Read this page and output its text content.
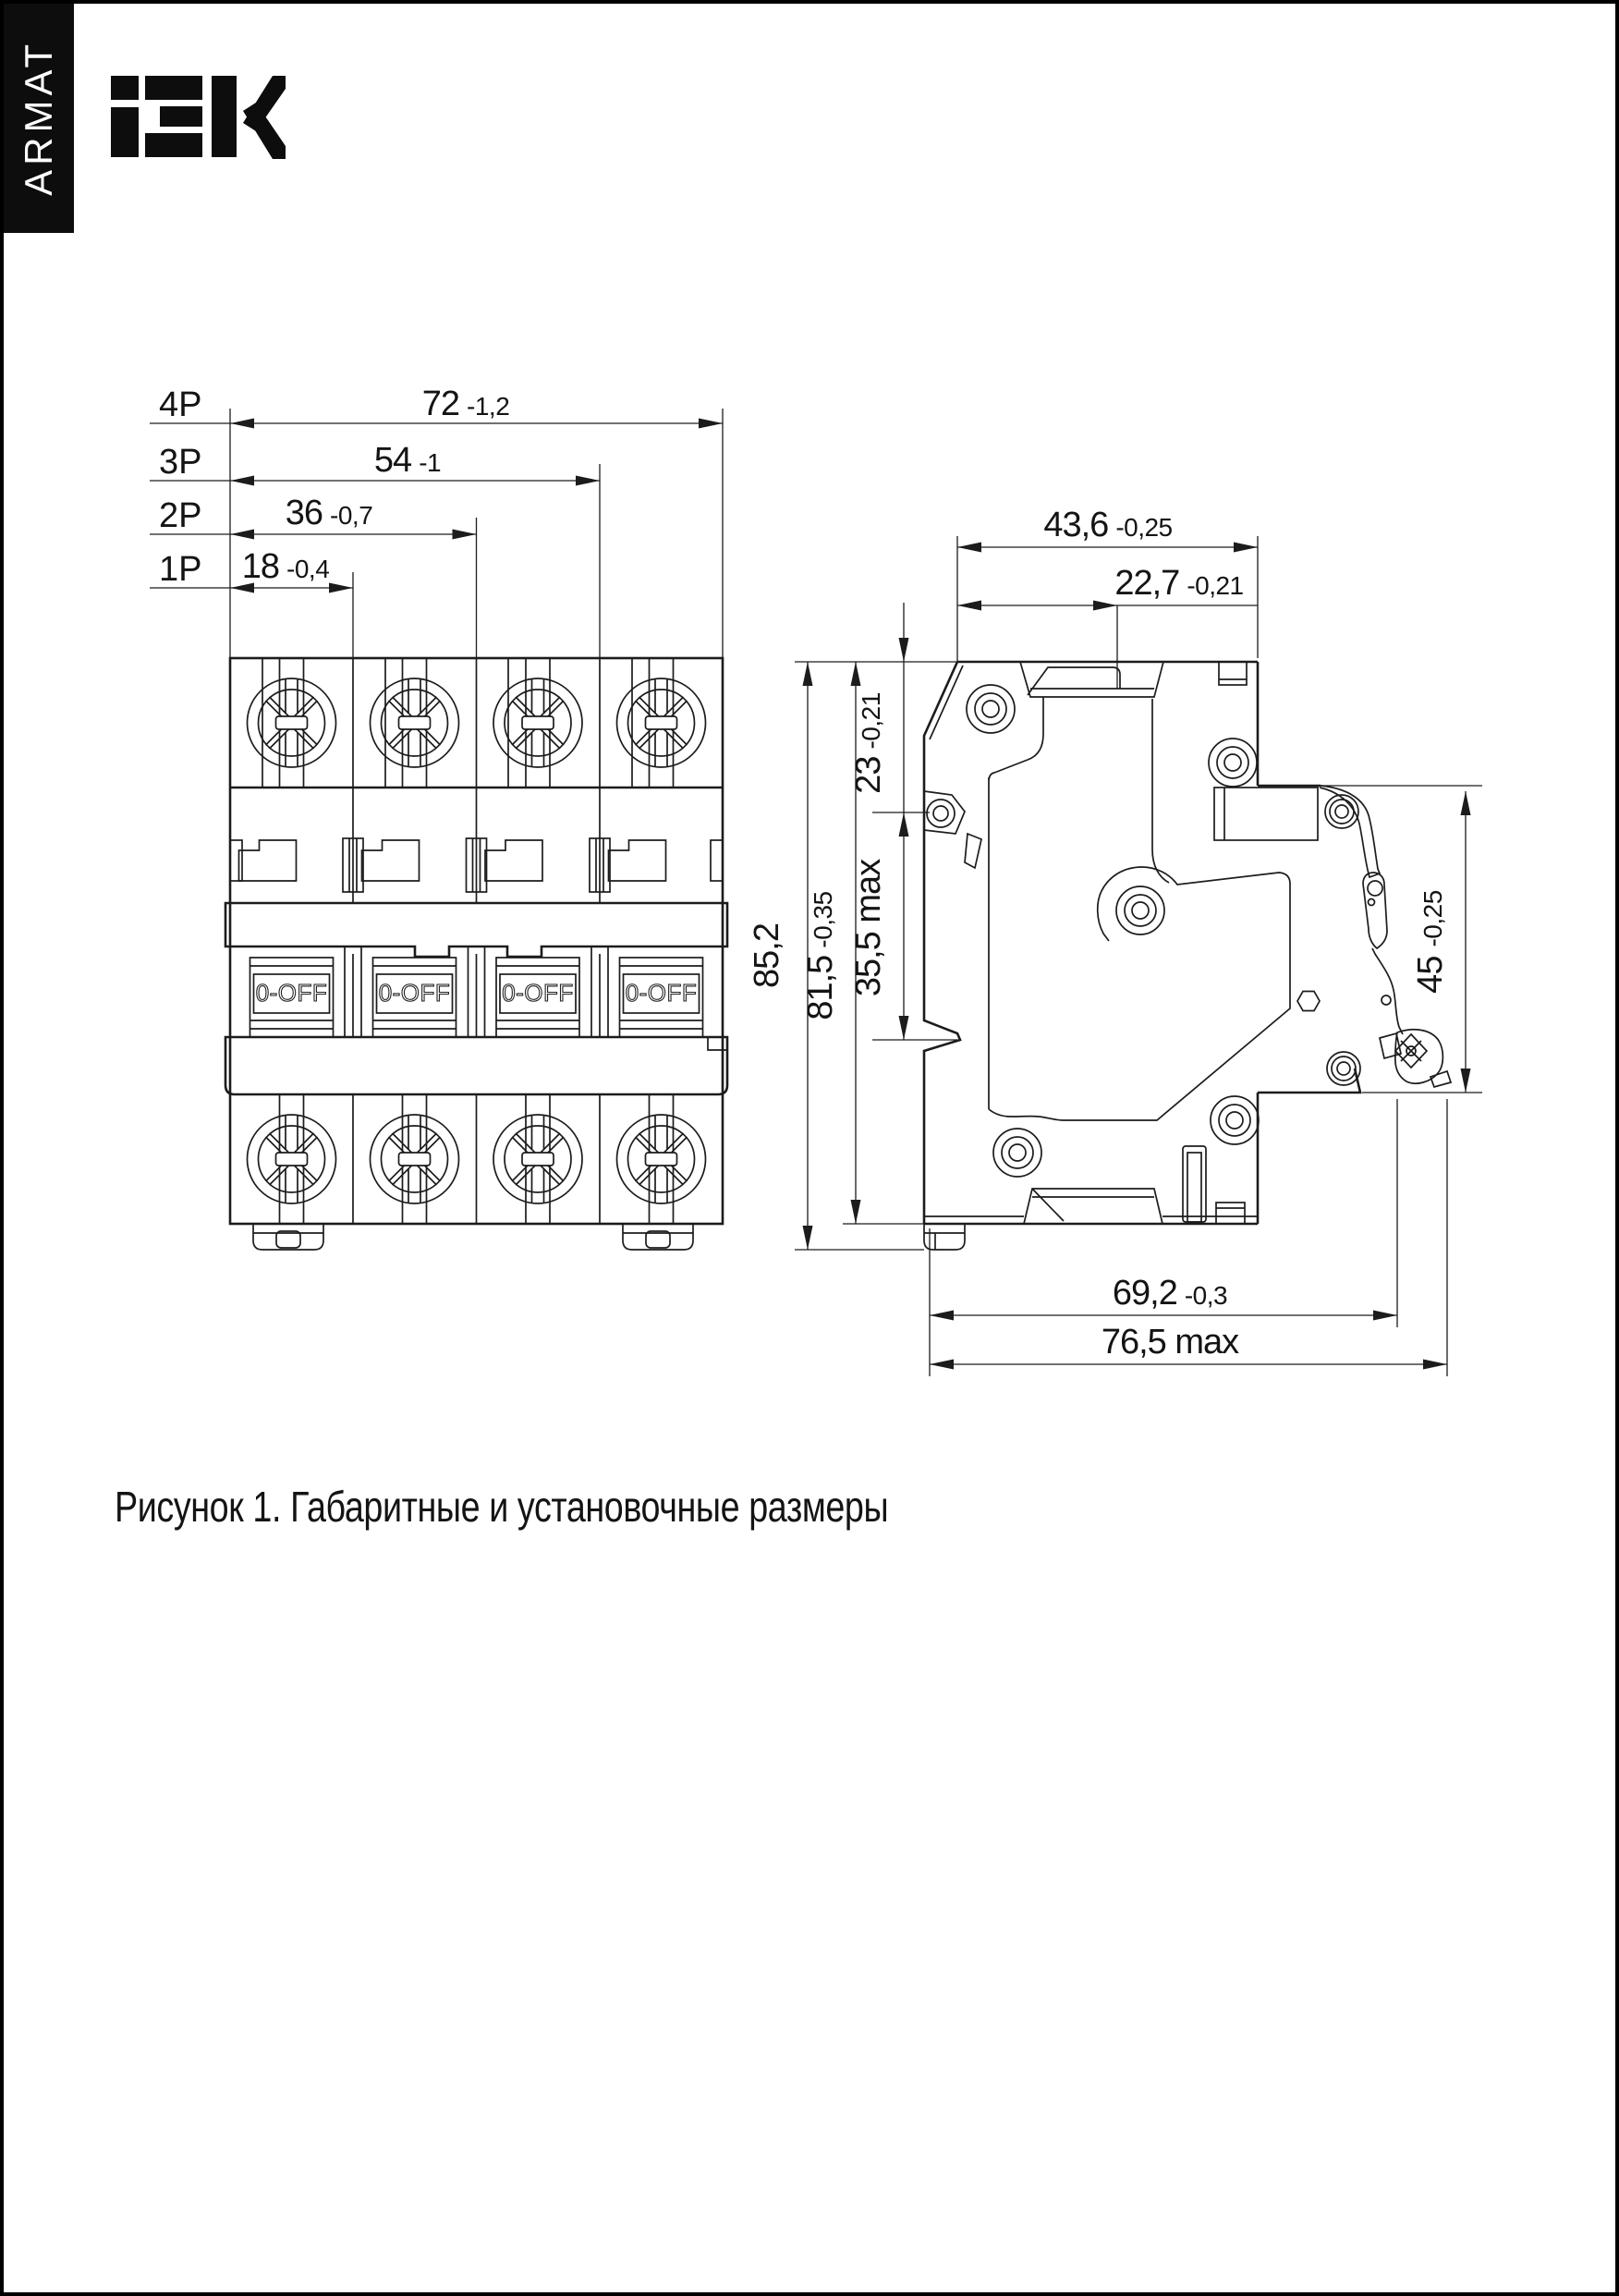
ARMAT
0-OFF 0-OFF 0-OFF 0-OFF
4P
3P
2P
1P
72 -1,2
54 -1
36 -0,7
18 -0,4
43,6 -0,25
22,7 -0,21
85,2 81,5-0,35
23-0,21
35,5 max	45-0,25
69,2 -0,3
76,5 max
Рисунок 1. Габаритные и установочные размеры
